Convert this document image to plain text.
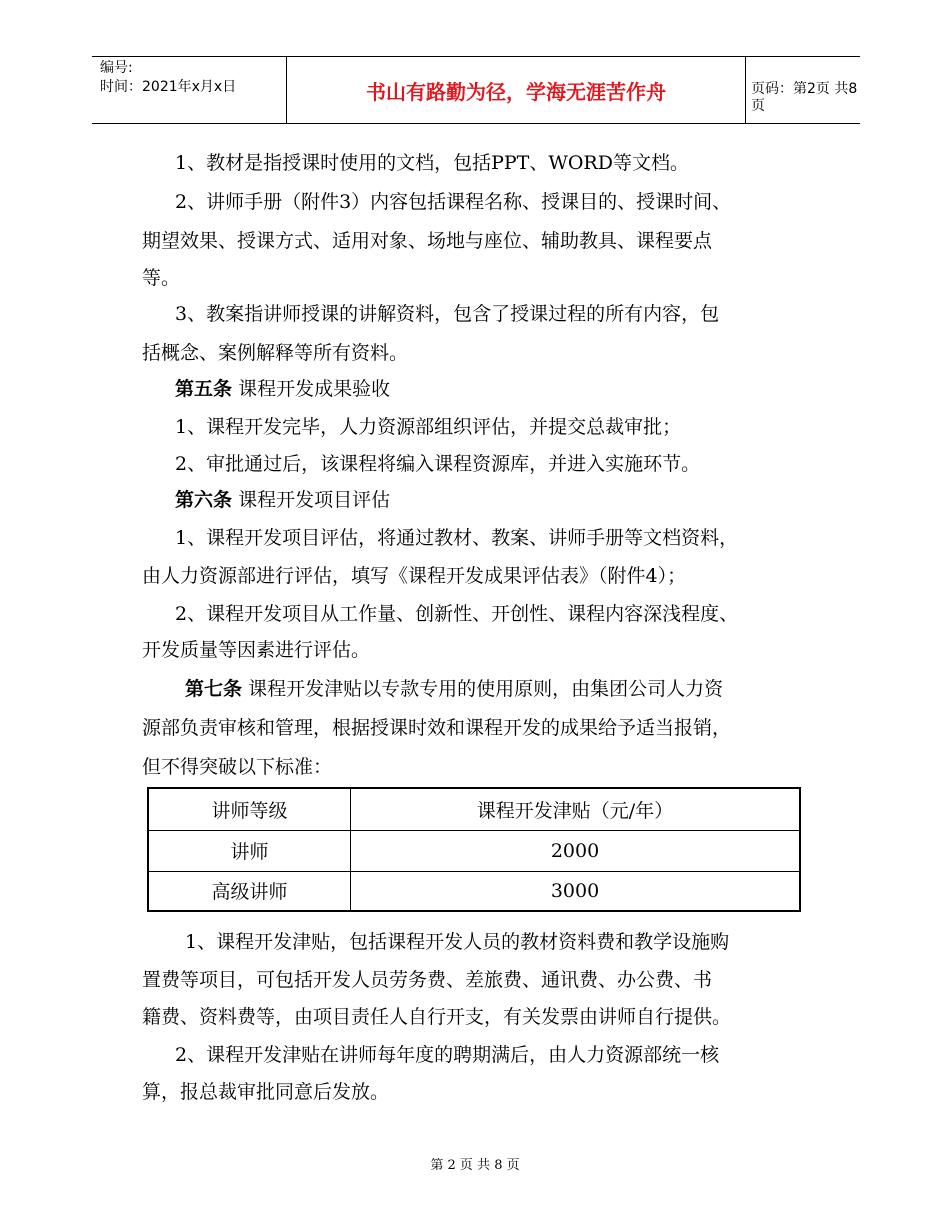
编号:
时间：2021年x月x日	书山有路勤为径，学海无涯苦作舟	页码：第2页 共8页
1、教材是指授课时使用的文档，包括PPT、WORD等文档。
2、讲师手册（附件3）内容包括课程名称、授课目的、授课时间、
期望效果、授课方式、适用对象、场地与座位、辅助教具、课程要点
等。
3、教案指讲师授课的讲解资料，包含了授课过程的所有内容，包
括概念、案例解释等所有资料。
第五条 课程开发成果验收
1、课程开发完毕，人力资源部组织评估，并提交总裁审批；
2、审批通过后，该课程将编入课程资源库，并进入实施环节。
第六条 课程开发项目评估
1、课程开发项目评估，将通过教材、教案、讲师手册等文档资料，
由人力资源部进行评估，填写《课程开发成果评估表》（附件4）；
2、课程开发项目从工作量、创新性、开创性、课程内容深浅程度、
开发质量等因素进行评估。
第七条 课程开发津贴以专款专用的使用原则，由集团公司人力资
源部负责审核和管理，根据授课时效和课程开发的成果给予适当报销，
但不得突破以下标准：
讲师等级	课程开发津贴（元/年）
讲师	2000
高级讲师	3000
1、课程开发津贴，包括课程开发人员的教材资料费和教学设施购
置费等项目，可包括开发人员劳务费、差旅费、通讯费、办公费、书
籍费、资料费等，由项目责任人自行开支，有关发票由讲师自行提供。
2、课程开发津贴在讲师每年度的聘期满后，由人力资源部统一核
算，报总裁审批同意后发放。
第 2 页 共 8 页
